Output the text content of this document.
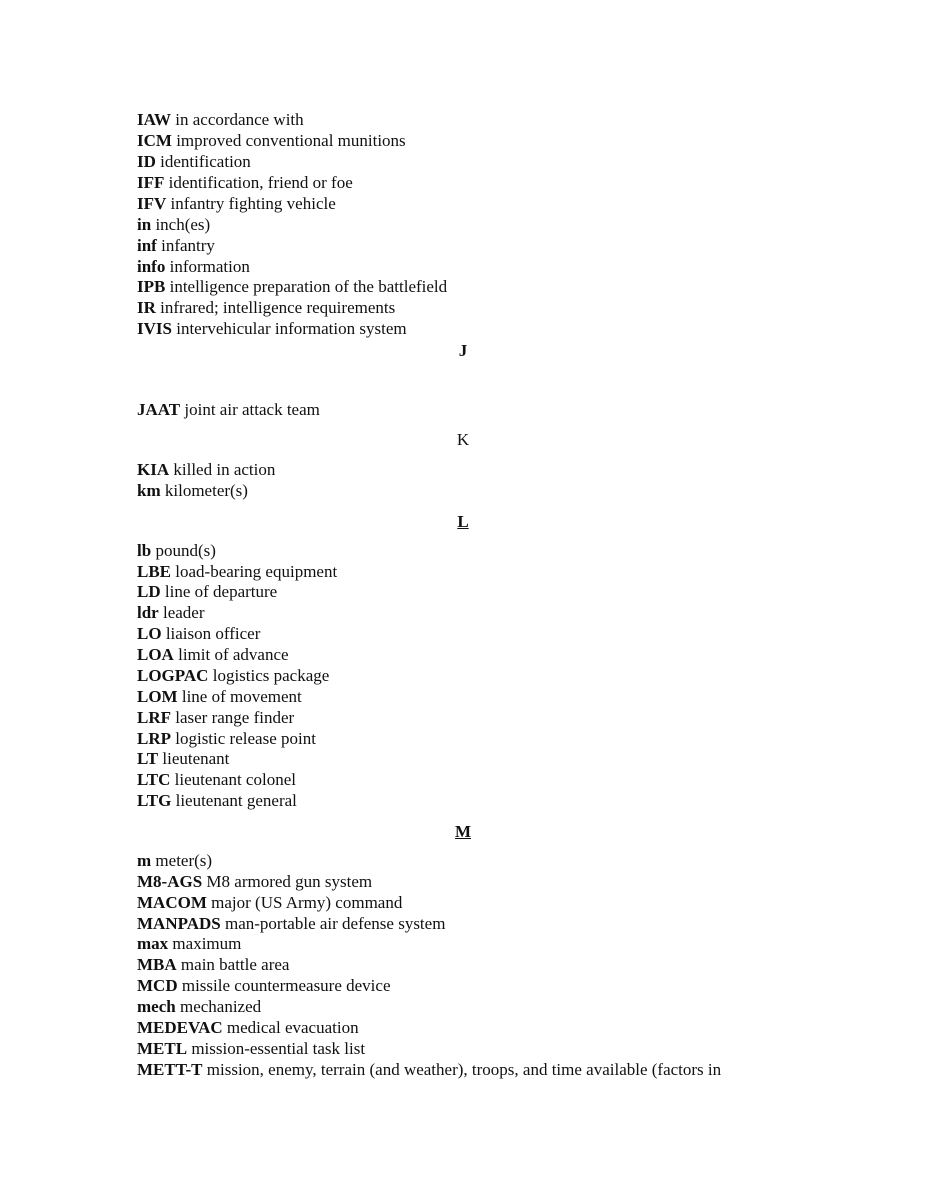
IAW in accordance with
ICM improved conventional munitions
ID identification
IFF identification, friend or foe
IFV infantry fighting vehicle
in inch(es)
inf infantry
info information
IPB intelligence preparation of the battlefield
IR infrared; intelligence requirements
IVIS intervehicular information system
J
JAAT joint air attack team
K
KIA killed in action
km kilometer(s)
L
lb pound(s)
LBE load-bearing equipment
LD line of departure
ldr leader
LO liaison officer
LOA limit of advance
LOGPAC logistics package
LOM line of movement
LRF laser range finder
LRP logistic release point
LT lieutenant
LTC lieutenant colonel
LTG lieutenant general
M
m meter(s)
M8-AGS M8 armored gun system
MACOM major (US Army) command
MANPADS man-portable air defense system
max maximum
MBA main battle area
MCD missile countermeasure device
mech mechanized
MEDEVAC medical evacuation
METL mission-essential task list
METT-T mission, enemy, terrain (and weather), troops, and time available (factors in
